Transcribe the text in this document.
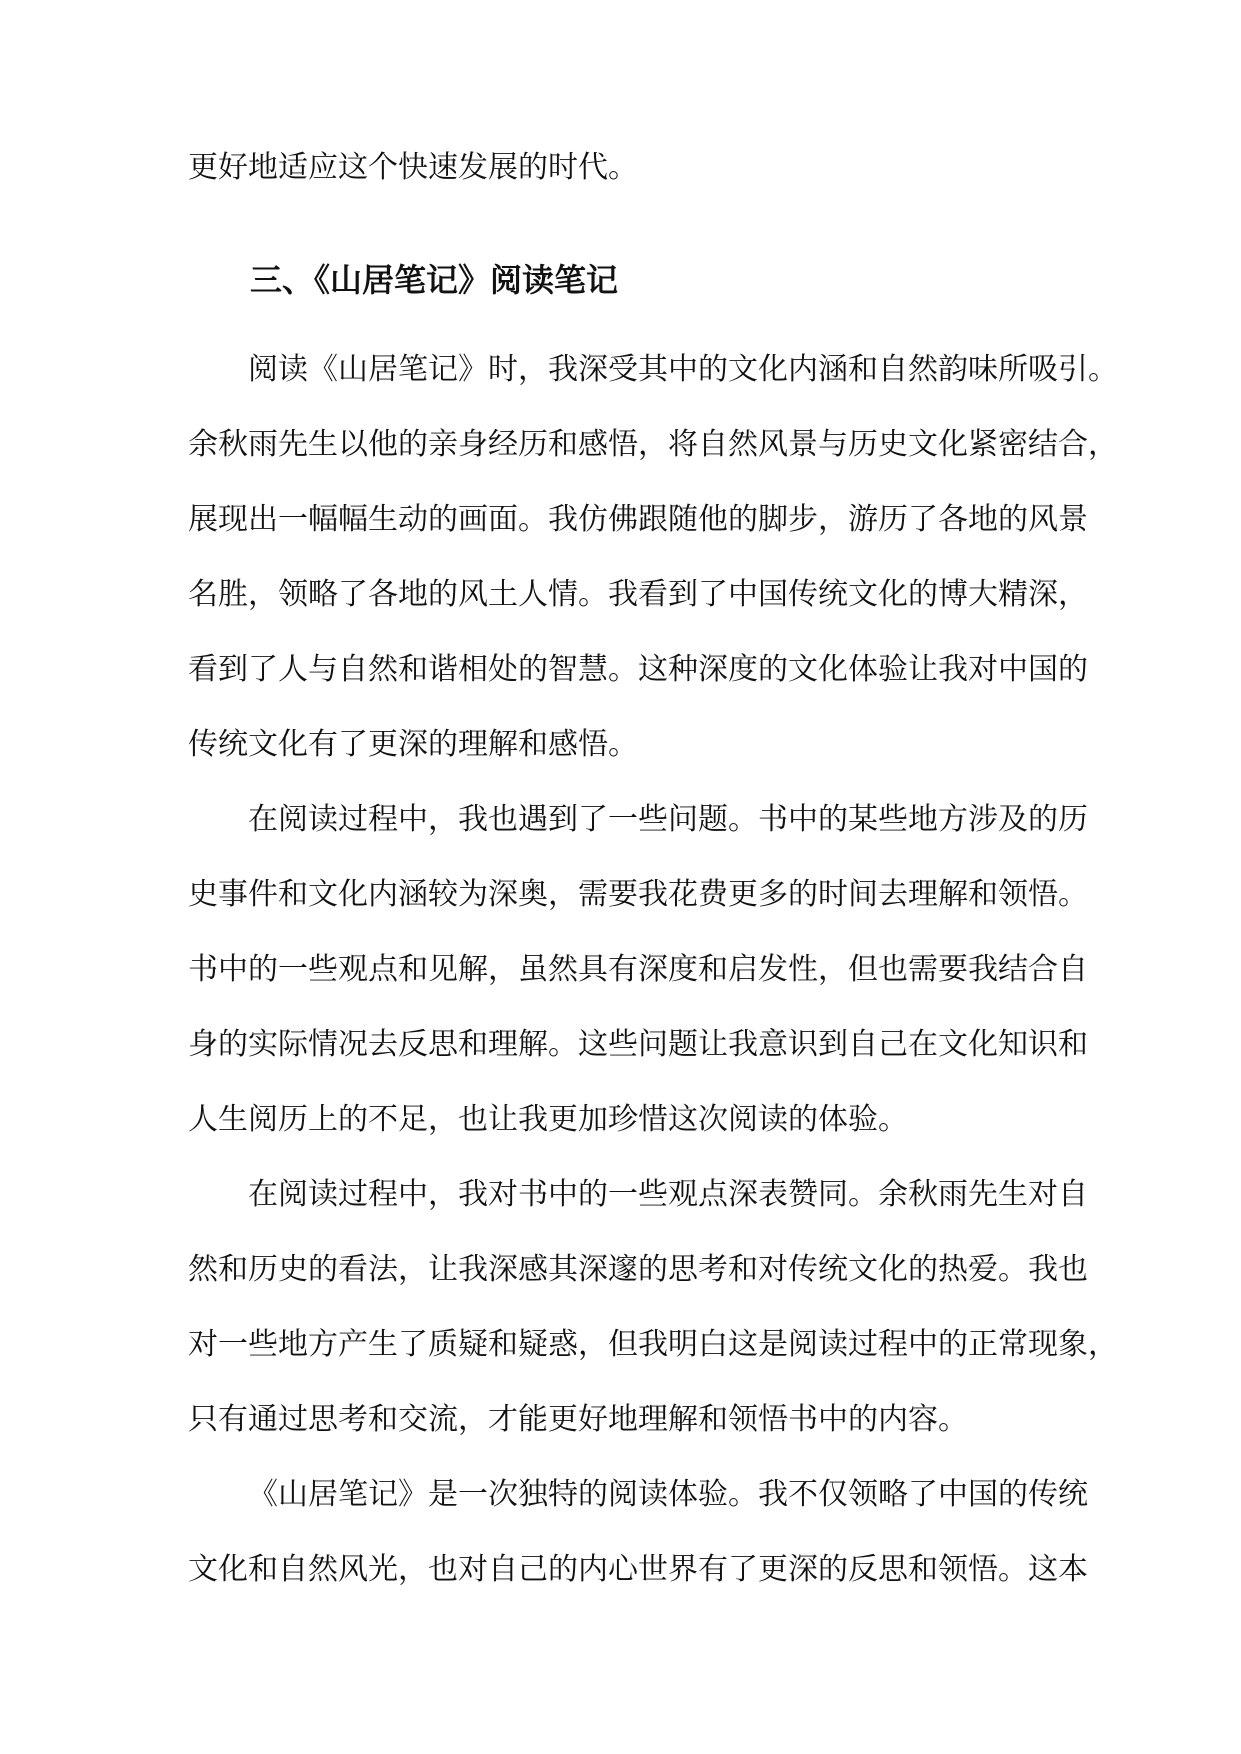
更好地适应这个快速发展的时代。
三、《山居笔记》阅读笔记
阅读《山居笔记》时，我深受其中的文化内涵和自然韵味所吸引。
余秋雨先生以他的亲身经历和感悟，将自然风景与历史文化紧密结合，
展现出一幅幅生动的画面。我仿佛跟随他的脚步，游历了各地的风景
名胜，领略了各地的风土人情。我看到了中国传统文化的博大精深，
看到了人与自然和谐相处的智慧。这种深度的文化体验让我对中国的
传统文化有了更深的理解和感悟。
在阅读过程中，我也遇到了一些问题。书中的某些地方涉及的历
史事件和文化内涵较为深奥，需要我花费更多的时间去理解和领悟。
书中的一些观点和见解，虽然具有深度和启发性，但也需要我结合自
身的实际情况去反思和理解。这些问题让我意识到自己在文化知识和
人生阅历上的不足，也让我更加珍惜这次阅读的体验。
在阅读过程中，我对书中的一些观点深表赞同。余秋雨先生对自
然和历史的看法，让我深感其深邃的思考和对传统文化的热爱。我也
对一些地方产生了质疑和疑惑，但我明白这是阅读过程中的正常现象，
只有通过思考和交流，才能更好地理解和领悟书中的内容。
《山居笔记》是一次独特的阅读体验。我不仅领略了中国的传统
文化和自然风光，也对自己的内心世界有了更深的反思和领悟。这本
